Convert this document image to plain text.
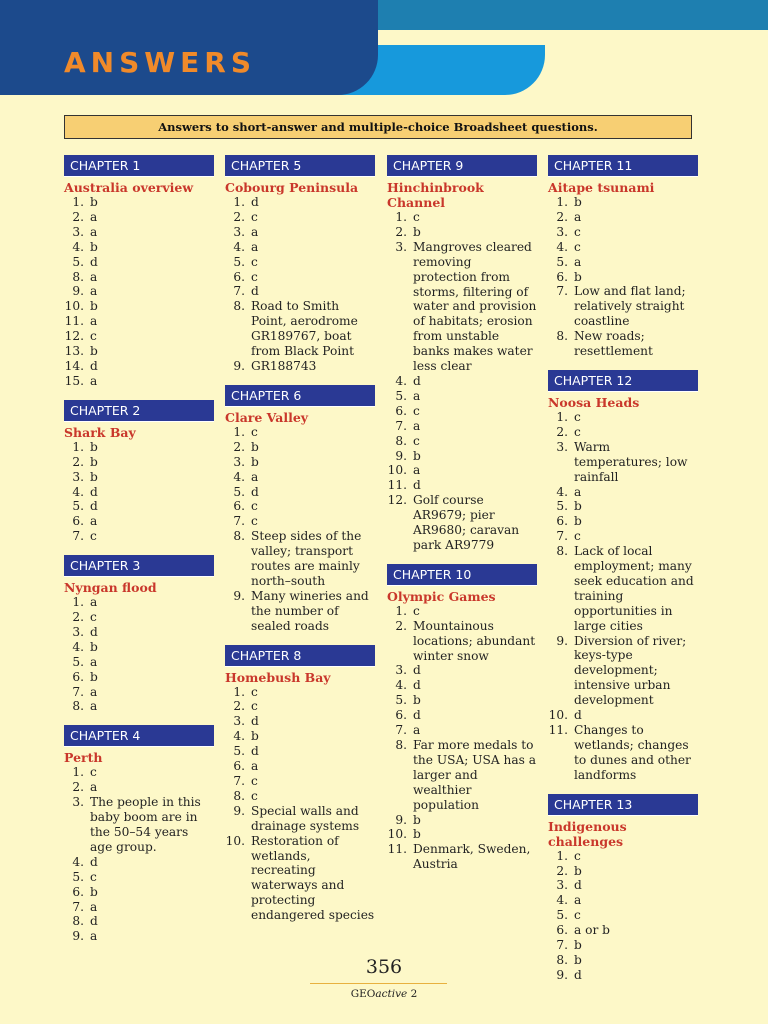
ANSWERS
Answers to short-answer and multiple-choice Broadsheet questions.
CHAPTER 1
Australia overview
1. b
2. a
3. a
4. b
5. d
8. a
9. a
10. b
11. a
12. c
13. b
14. d
15. a
CHAPTER 2
Shark Bay
1. b
2. b
3. b
4. d
5. d
6. a
7. c
CHAPTER 3
Nyngan flood
1. a
2. c
3. d
4. b
5. a
6. b
7. a
8. a
CHAPTER 4
Perth
1. c
2. a
3. The people in this baby boom are in the 50–54 years age group.
4. d
5. c
6. b
7. a
8. d
9. a
CHAPTER 5
Cobourg Peninsula
1. d
2. c
3. a
4. a
5. c
6. c
7. d
8. Road to Smith Point, aerodrome GR189767, boat from Black Point
9. GR188743
CHAPTER 6
Clare Valley
1. c
2. b
3. b
4. a
5. d
6. c
7. c
8. Steep sides of the valley; transport routes are mainly north–south
9. Many wineries and the number of sealed roads
CHAPTER 8
Homebush Bay
1. c
2. c
3. d
4. b
5. d
6. a
7. c
8. c
9. Special walls and drainage systems
10. Restoration of wetlands, recreating waterways and protecting endangered species
CHAPTER 9
Hinchinbrook Channel
1. c
2. b
3. Mangroves cleared removing protection from storms, filtering of water and provision of habitats; erosion from unstable banks makes water less clear
4. d
5. a
6. c
7. a
8. c
9. b
10. a
11. d
12. Golf course AR9679; pier AR9680; caravan park AR9779
CHAPTER 10
Olympic Games
1. c
2. Mountainous locations; abundant winter snow
3. d
4. d
5. b
6. d
7. a
8. Far more medals to the USA; USA has a larger and wealthier population
9. b
10. b
11. Denmark, Sweden, Austria
CHAPTER 11
Aitape tsunami
1. b
2. a
3. c
4. c
5. a
6. b
7. Low and flat land; relatively straight coastline
8. New roads; resettlement
CHAPTER 12
Noosa Heads
1. c
2. c
3. Warm temperatures; low rainfall
4. a
5. b
6. b
7. c
8. Lack of local employment; many seek education and training opportunities in large cities
9. Diversion of river; keys-type development; intensive urban development
10. d
11. Changes to wetlands; changes to dunes and other landforms
CHAPTER 13
Indigenous challenges
1. c
2. b
3. d
4. a
5. c
6. a or b
7. b
8. b
9. d
356
GEOactive 2
